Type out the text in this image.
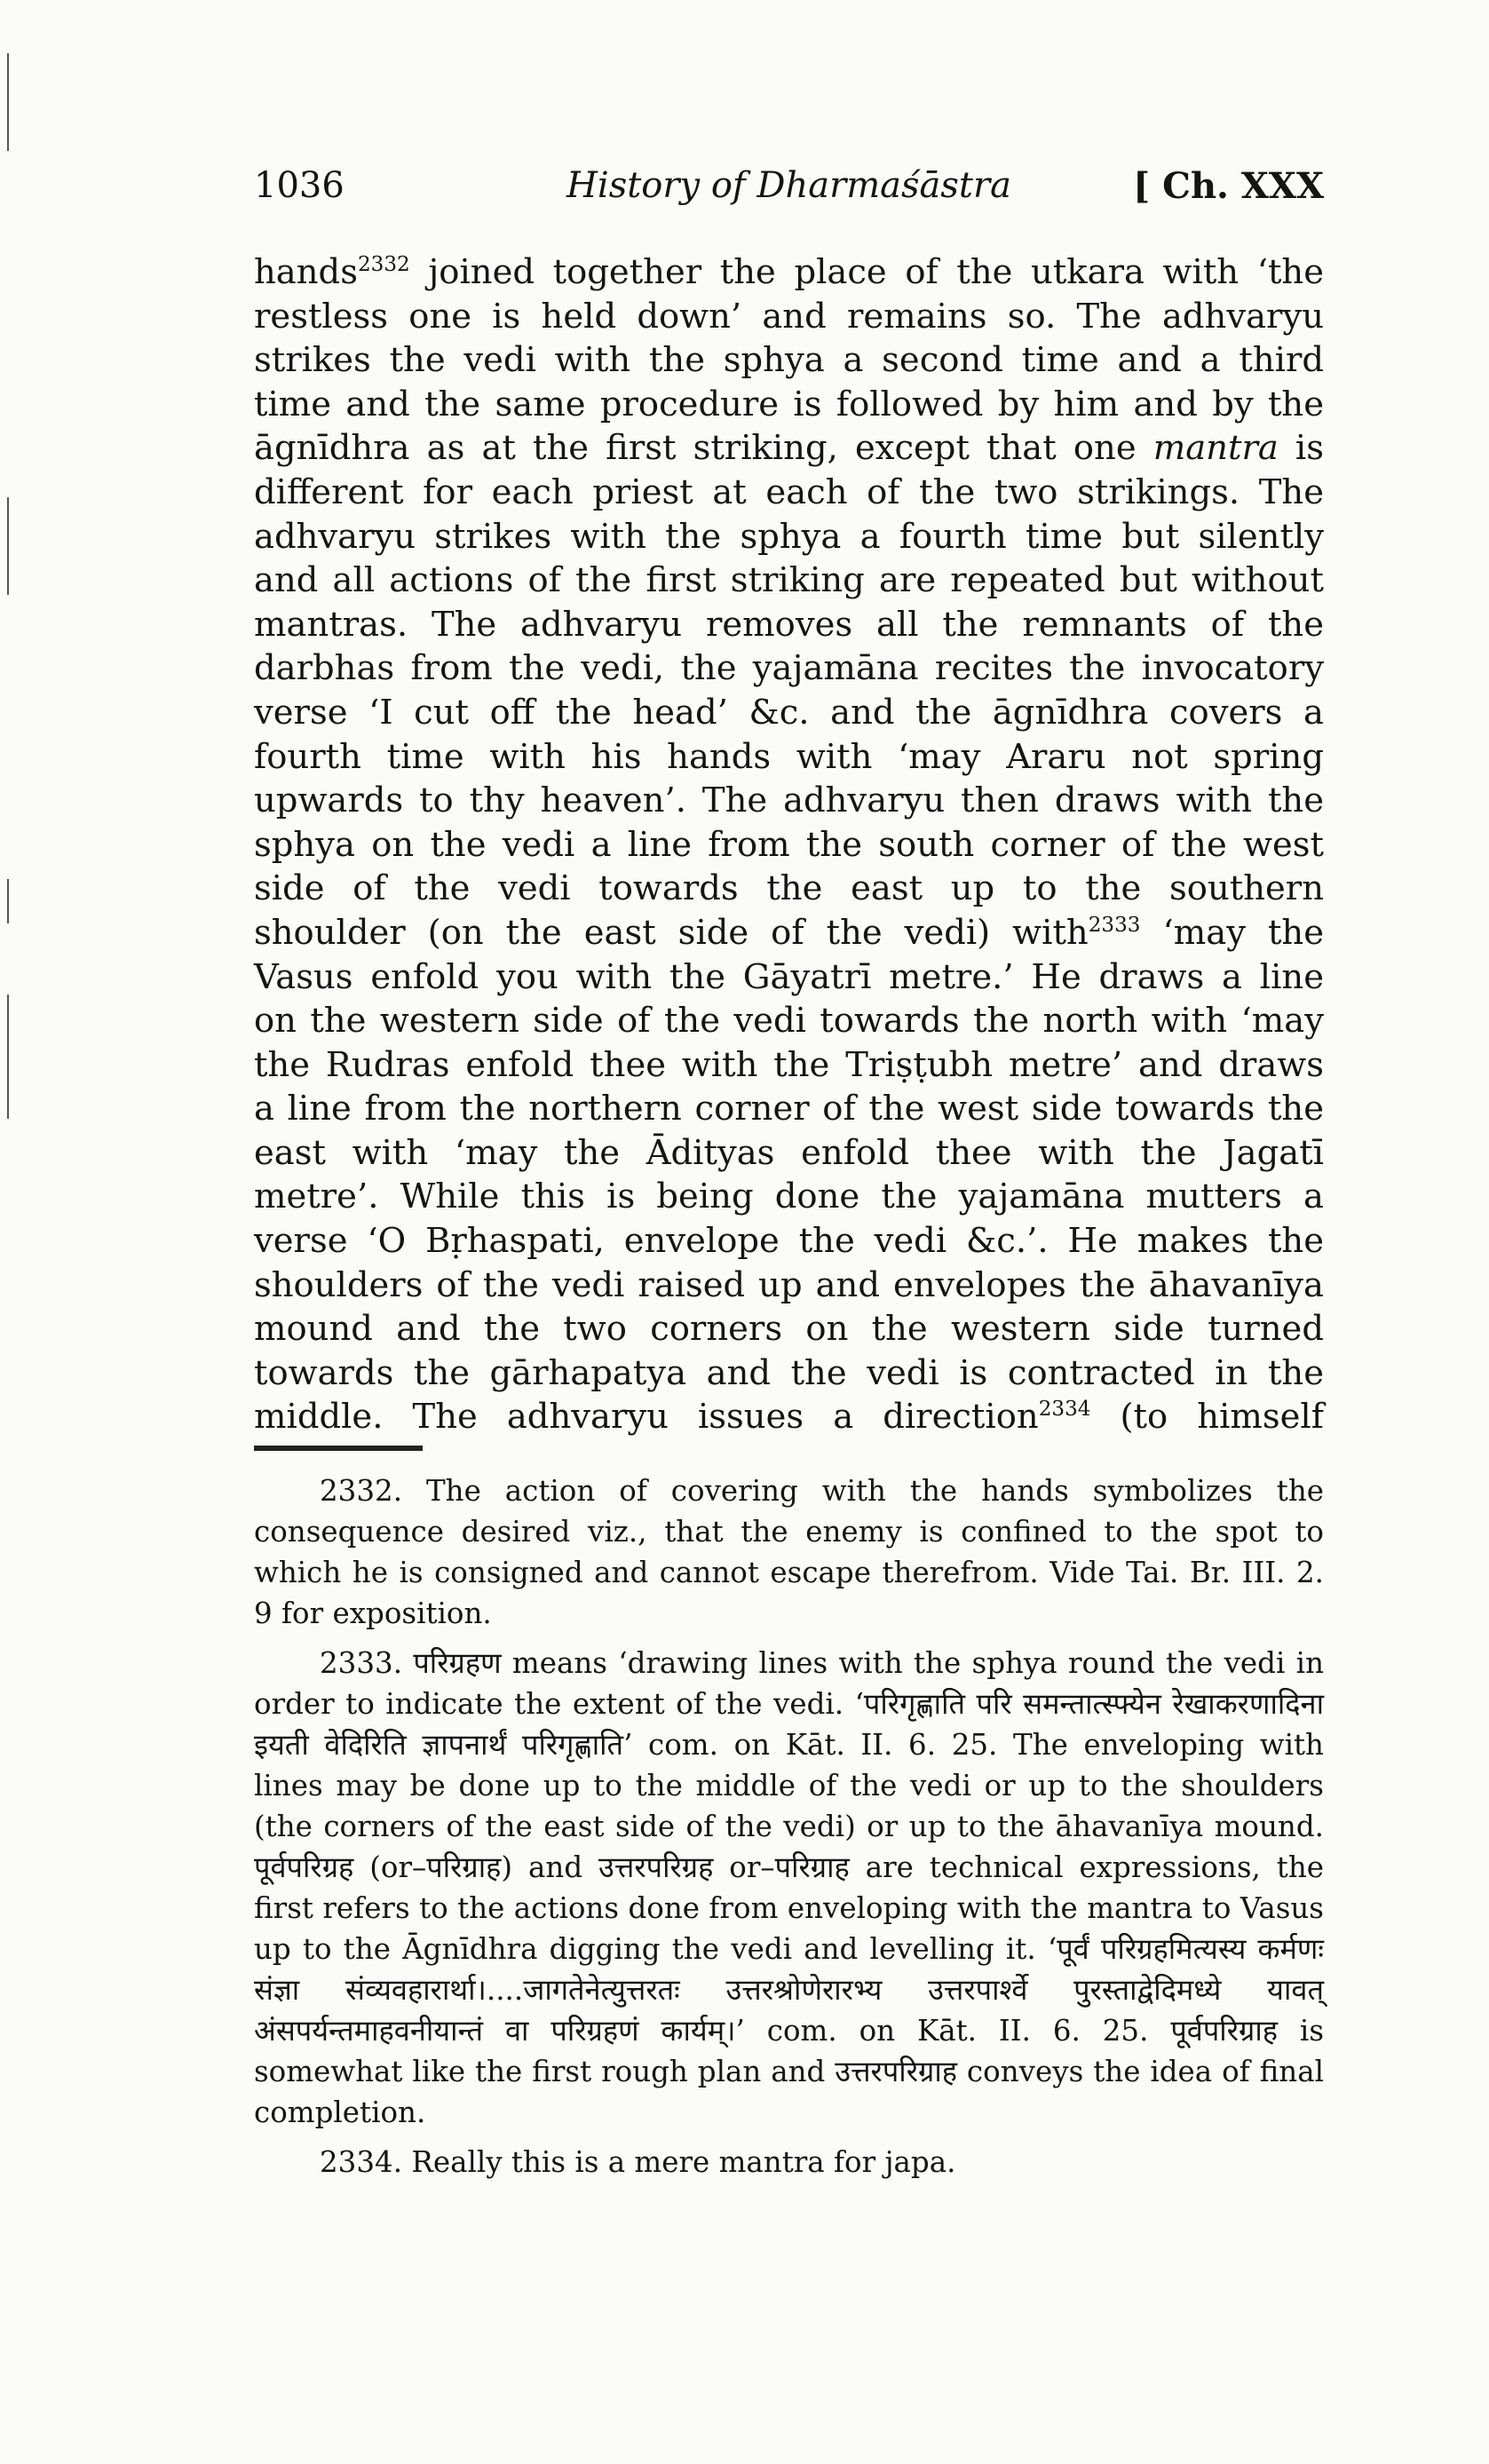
1036	History of Dharmaśāstra	[ Ch. XXX

hands$^{2332}$ joined together the place of the utkara with ‘the restless one is held down’ and remains so. The adhvaryu strikes the vedi with the sphya a second time and a third time and the same procedure is followed by him and by the āgnīdhra as at the first striking, except that one mantra is different for each priest at each of the two strikings. The adhvaryu strikes with the sphya a fourth time but silently and all actions of the first striking are repeated but without mantras. The adhvaryu removes all the remnants of the darbhas from the vedi, the yajamāna recites the invocatory verse ‘I cut off the head’ &c. and the āgnīdhra covers a fourth time with his hands with ‘may Araru not spring upwards to thy heaven’. The adhvaryu then draws with the sphya on the vedi a line from the south corner of the west side of the vedi towards the east up to the southern shoulder (on the east side of the vedi) with$^{2333}$ ‘may the Vasus enfold you with the Gāyatrī metre.’ He draws a line on the western side of the vedi towards the north with ‘may the Rudras enfold thee with the Triṣṭubh metre’ and draws a line from the northern corner of the west side towards the east with ‘may the Ādityas enfold thee with the Jagatī metre’. While this is being done the yajamāna mutters a verse ‘O Bṛhaspati, envelope the vedi &c.’. He makes the shoulders of the vedi raised up and envelopes the āhavanīya mound and the two corners on the western side turned towards the gārhapatya and the vedi is contracted in the middle. The adhvaryu issues a direction$^{2334}$ (to himself

2332. The action of covering with the hands symbolizes the consequence desired viz., that the enemy is confined to the spot to which he is consigned and cannot escape therefrom. Vide Tai. Br. III. 2. 9 for exposition.

2333. परिग्रहण means ‘drawing lines with the sphya round the vedi in order to indicate the extent of the vedi. ‘परिगृह्णाति परि समन्तात्स्फ्येन रेखाकरणादिना इयती वेदिरिति ज्ञापनार्थं परिगृह्णाति’ com. on Kāt. II. 6. 25. The enveloping with lines may be done up to the middle of the vedi or up to the shoulders (the corners of the east side of the vedi) or up to the āhavanīya mound. पूर्वपरिग्रह (or–परिग्राह) and उत्तरपरिग्रह or–परिग्राह are technical expressions, the first refers to the actions done from enveloping with the mantra to Vasus up to the Āgnīdhra digging the vedi and levelling it. ‘पूर्वं परिग्रहमित्यस्य कर्मणः संज्ञा संव्यवहारार्था।....जागतेनेत्युत्तरतः उत्तरश्रोणेरारभ्य उत्तरपार्श्वे पुरस्ताद्वेदिमध्ये यावत् अंसपर्यन्तमाहवनीयान्तं वा परिग्रहणं कार्यम्।’ com. on Kāt. II. 6. 25. पूर्वपरिग्राह is somewhat like the first rough plan and उत्तरपरिग्राह conveys the idea of final completion.

2334. Really this is a mere mantra for japa.
